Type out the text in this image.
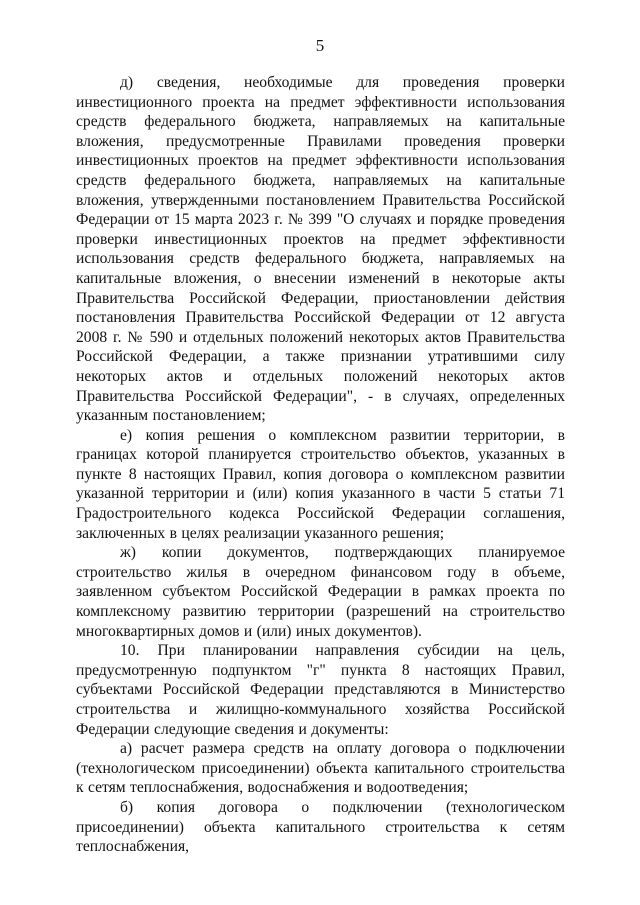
5

д) сведения, необходимые для проведения проверки инвестиционного проекта на предмет эффективности использования средств федерального бюджета, направляемых на капитальные вложения, предусмотренные Правилами проведения проверки инвестиционных проектов на предмет эффективности использования средств федерального бюджета, направляемых на капитальные вложения, утвержденными постановлением Правительства Российской Федерации от 15 марта 2023 г. № 399 "О случаях и порядке проведения проверки инвестиционных проектов на предмет эффективности использования средств федерального бюджета, направляемых на капитальные вложения, о внесении изменений в некоторые акты Правительства Российской Федерации, приостановлении действия постановления Правительства Российской Федерации от 12 августа 2008 г. № 590 и отдельных положений некоторых актов Правительства Российской Федерации, а также признании утратившими силу некоторых актов и отдельных положений некоторых актов Правительства Российской Федерации", - в случаях, определенных указанным постановлением;

е) копия решения о комплексном развитии территории, в границах которой планируется строительство объектов, указанных в пункте 8 настоящих Правил, копия договора о комплексном развитии указанной территории и (или) копия указанного в части 5 статьи 71 Градостроительного кодекса Российской Федерации соглашения, заключенных в целях реализации указанного решения;

ж) копии документов, подтверждающих планируемое строительство жилья в очередном финансовом году в объеме, заявленном субъектом Российской Федерации в рамках проекта по комплексному развитию территории (разрешений на строительство многоквартирных домов и (или) иных документов).

10. При планировании направления субсидии на цель, предусмотренную подпунктом "г" пункта 8 настоящих Правил, субъектами Российской Федерации представляются в Министерство строительства и жилищно-коммунального хозяйства Российской Федерации следующие сведения и документы:

а) расчет размера средств на оплату договора о подключении (технологическом присоединении) объекта капитального строительства к сетям теплоснабжения, водоснабжения и водоотведения;

б) копия договора о подключении (технологическом присоединении) объекта капитального строительства к сетям теплоснабжения,
